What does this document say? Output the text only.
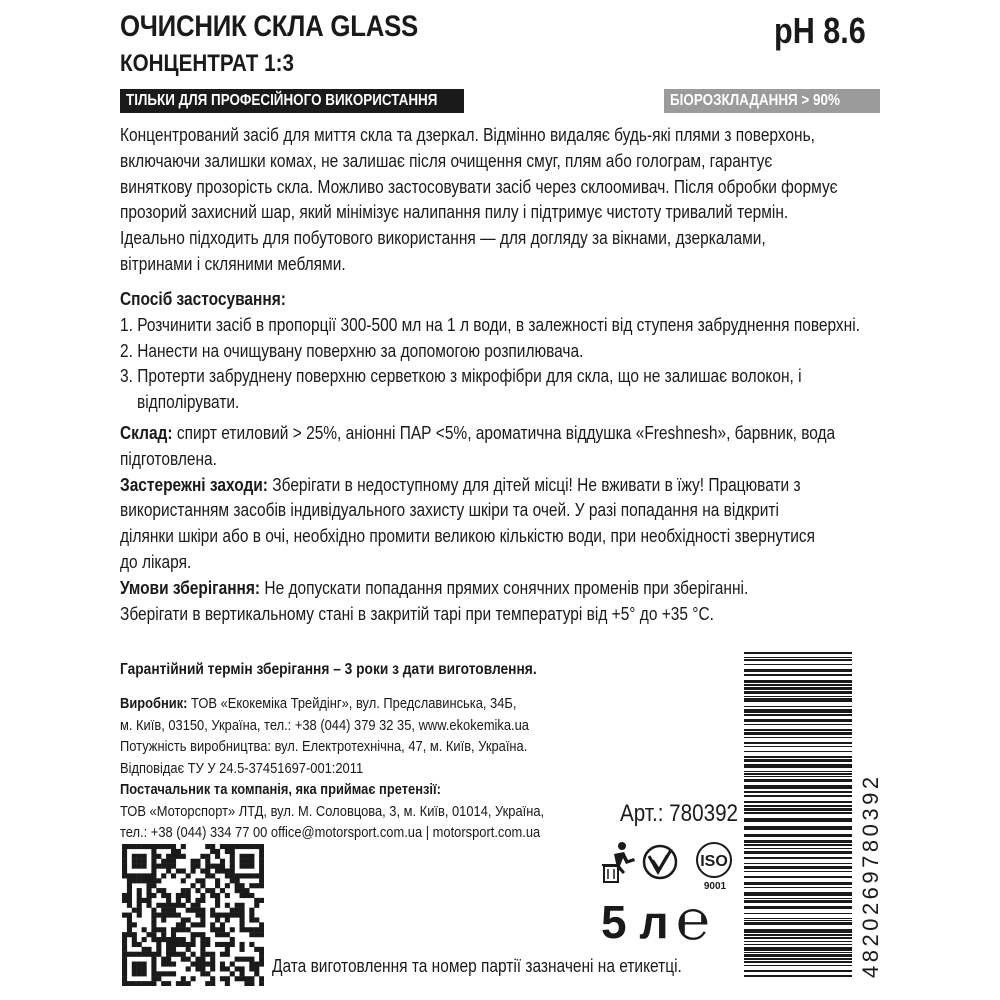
ОЧИСНИК СКЛА GLASS
КОНЦЕНТРАТ 1:3
pH 8.6
ТІЛЬКИ ДЛЯ ПРОФЕСІЙНОГО ВИКОРИСТАННЯ	БІОРОЗКЛАДАННЯ > 90%
Концентрований засіб для миття скла та дзеркал. Відмінно видаляє будь-які плями з поверхонь,
включаючи залишки комах, не залишає після очищення смуг, плям або голограм, гарантує
виняткову прозорість скла. Можливо застосовувати засіб через склоомивач. Після обробки формує
прозорий захисний шар, який мінімізує налипання пилу і підтримує чистоту тривалий термін.
Ідеально підходить для побутового використання — для догляду за вікнами, дзеркалами,
вітринами і скляними меблями.
Спосіб застосування:
1. Розчинити засіб в пропорції 300-500 мл на 1 л води, в залежності від ступеня забруднення поверхні.
2. Нанести на очищувану поверхню за допомогою розпилювача.
3. Протерти забруднену поверхню серветкою з мікрофібри для скла, що не залишає волокон, і
відполірувати.
Склад: спирт етиловий > 25%, аніонні ПАР <5%, ароматична віддушка «Freshnesh», барвник, вода
підготовлена.
Застережні заходи: Зберігати в недоступному для дітей місці! Не вживати в їжу! Працювати з
використанням засобів індивідуального захисту шкіри та очей. У разі попадання на відкриті
ділянки шкіри або в очі, необхідно промити великою кількістю води, при необхідності звернутися
до лікаря.
Умови зберігання: Не допускати попадання прямих сонячних променів при зберіганні.
Зберігати в вертикальному стані в закритій тарі при температурі від +5° до +35 °С.
Гарантійний термін зберігання – 3 роки з дати виготовлення.
Виробник: ТОВ «Екокеміка Трейдінг», вул. Предславинська, 34Б,
м. Київ, 03150, Україна, тел.: +38 (044) 379 32 35, www.ekokemika.ua
Потужність виробництва: вул. Електротехнічна, 47, м. Київ, Україна.
Відповідає ТУ У 24.5-37451697-001:2011
Постачальник та компанія, яка приймає претензії:
ТОВ «Моторспорт» ЛТД, вул. М. Соловцова, 3, м. Київ, 01014, Україна,
тел.: +38 (044) 334 77 00 office@motorsport.com.ua | motorsport.com.ua
Арт.: 780392
ISO
9001
5 л ℮	4820269780392
Дата виготовлення та номер партії зазначені на етикетці.
